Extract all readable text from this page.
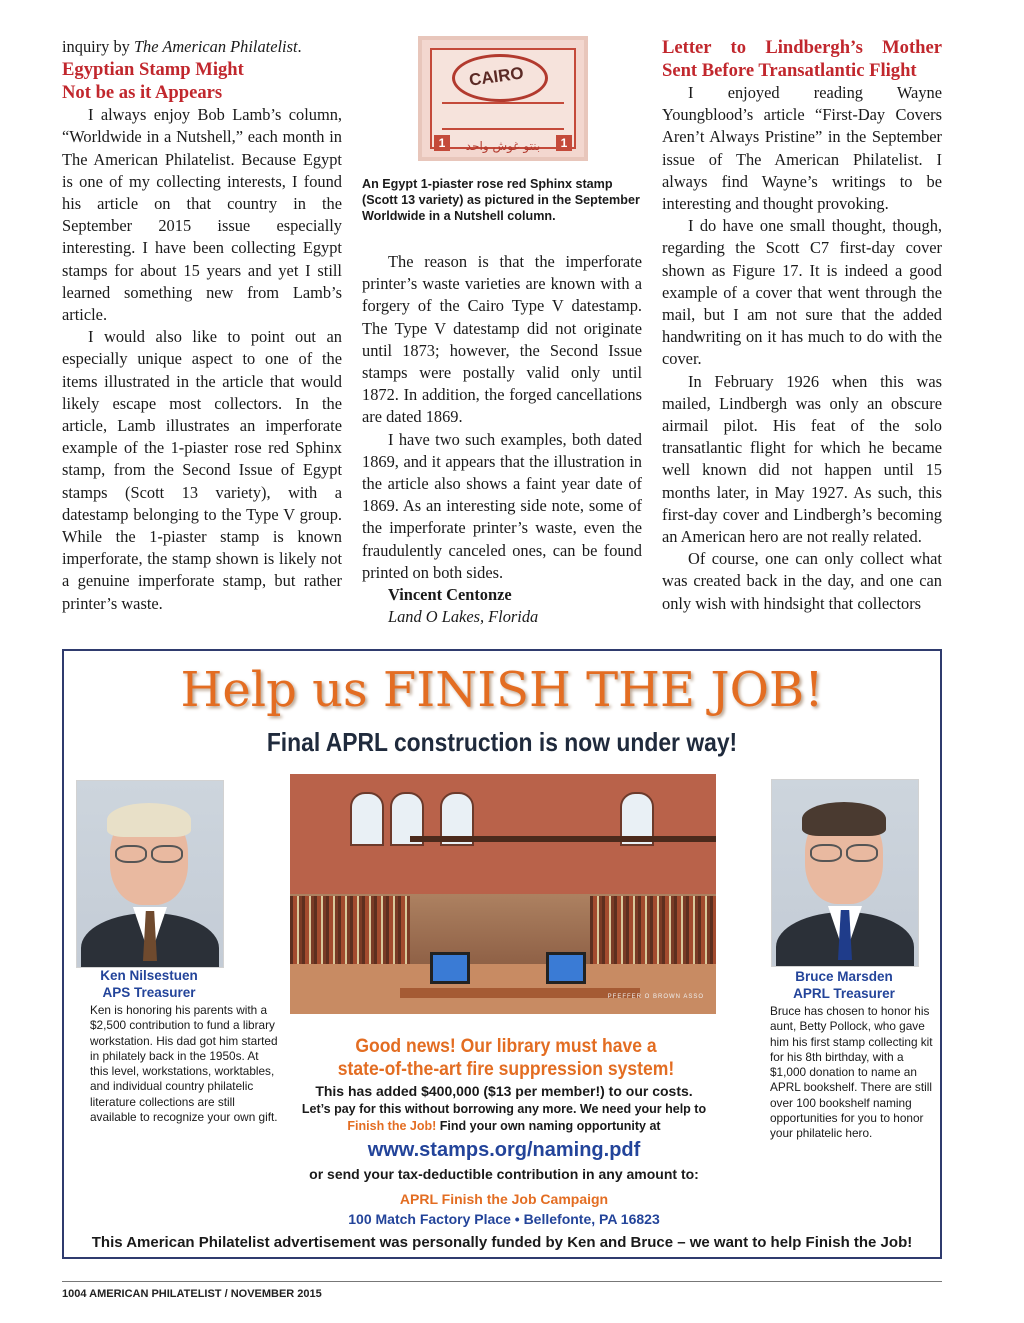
inquiry by The American Philatelist.

Egyptian Stamp Might
Not be as it Appears

I always enjoy Bob Lamb’s column, “Worldwide in a Nutshell,” each month in The American Philatelist. Because Egypt is one of my collecting interests, I found his article on that country in the September 2015 issue especially interesting. I have been collecting Egypt stamps for about 15 years and yet I still learned something new from Lamb’s article.

I would also like to point out an especially unique aspect to one of the items illustrated in the article that would likely escape most collectors. In the article, Lamb illustrates an imperforate example of the 1-piaster rose red Sphinx stamp, from the Second Issue of Egypt stamps (Scott 13 variety), with a datestamp belonging to the Type V group. While the 1-piaster stamp is known imperforate, the stamp shown is likely not a genuine imperforate stamp, but rather printer’s waste.

CAIRO
1	1
بنتو غوش واحد
An Egypt 1-piaster rose red Sphinx stamp (Scott 13 variety) as pictured in the September Worldwide in a Nutshell column.

The reason is that the imperforate printer’s waste varieties are known with a forgery of the Cairo Type V datestamp. The Type V datestamp did not originate until 1873; however, the Second Issue stamps were postally valid only until 1872. In addition, the forged cancellations are dated 1869.

I have two such examples, both dated 1869, and it appears that the illustration in the article also shows a faint year date of 1869. As an interesting side note, some of the imperforate printer’s waste, even the fraudulently canceled ones, can be found printed on both sides.

Vincent Centonze

Land O Lakes, Florida

Letter to Lindbergh’s Mother
Sent Before Transatlantic Flight

I enjoyed reading Wayne Youngblood’s article “First-Day Covers Aren’t Always Pristine” in the September issue of The American Philatelist. I always find Wayne’s writings to be interesting and thought provoking.

I do have one small thought, though, regarding the Scott C7 first-day cover shown as Figure 17. It is indeed a good example of a cover that went through the mail, but I am not sure that the added handwriting on it has much to do with the cover.

In February 1926 when this was mailed, Lindbergh was only an obscure airmail pilot. His feat of the solo transatlantic flight for which he became well known did not happen until 15 months later, in May 1927. As such, this first-day cover and Lindbergh’s becoming an American hero are not really related.

Of course, one can only collect what was created back in the day, and one can only wish with hindsight that collectors

Help us FINISH THE JOB!
Final APRL construction is now under way!
Ken Nilsestuen
APS Treasurer
Ken is honoring his parents with a $2,500 contribution to fund a library workstation. His dad got him started in philately back in the 1950s. At this level, workstations, worktables, and individual country philatelic literature collections are still available to recognize your own gift.
PFEFFER O BROWN ASSO
Bruce Marsden
APRL Treasurer
Bruce has chosen to honor his aunt, Betty Pollock, who gave him his first stamp collecting kit for his 8th birthday, with a $1,000 donation to name an APRL bookshelf. There are still over 100 bookshelf naming opportunities for you to honor your philatelic hero.
Good news! Our library must have a
state-of-the-art fire suppression system!
This has added $400,000 ($13 per member!) to our costs.
Let’s pay for this without borrowing any more. We need your help to
Finish the Job! Find your own naming opportunity at
www.stamps.org/naming.pdf
or send your tax-deductible contribution in any amount to:
APRL Finish the Job Campaign
100 Match Factory Place • Bellefonte, PA 16823
This American Philatelist advertisement was personally funded by Ken and Bruce – we want to help Finish the Job!
1004 AMERICAN PHILATELIST / NOVEMBER 2015
